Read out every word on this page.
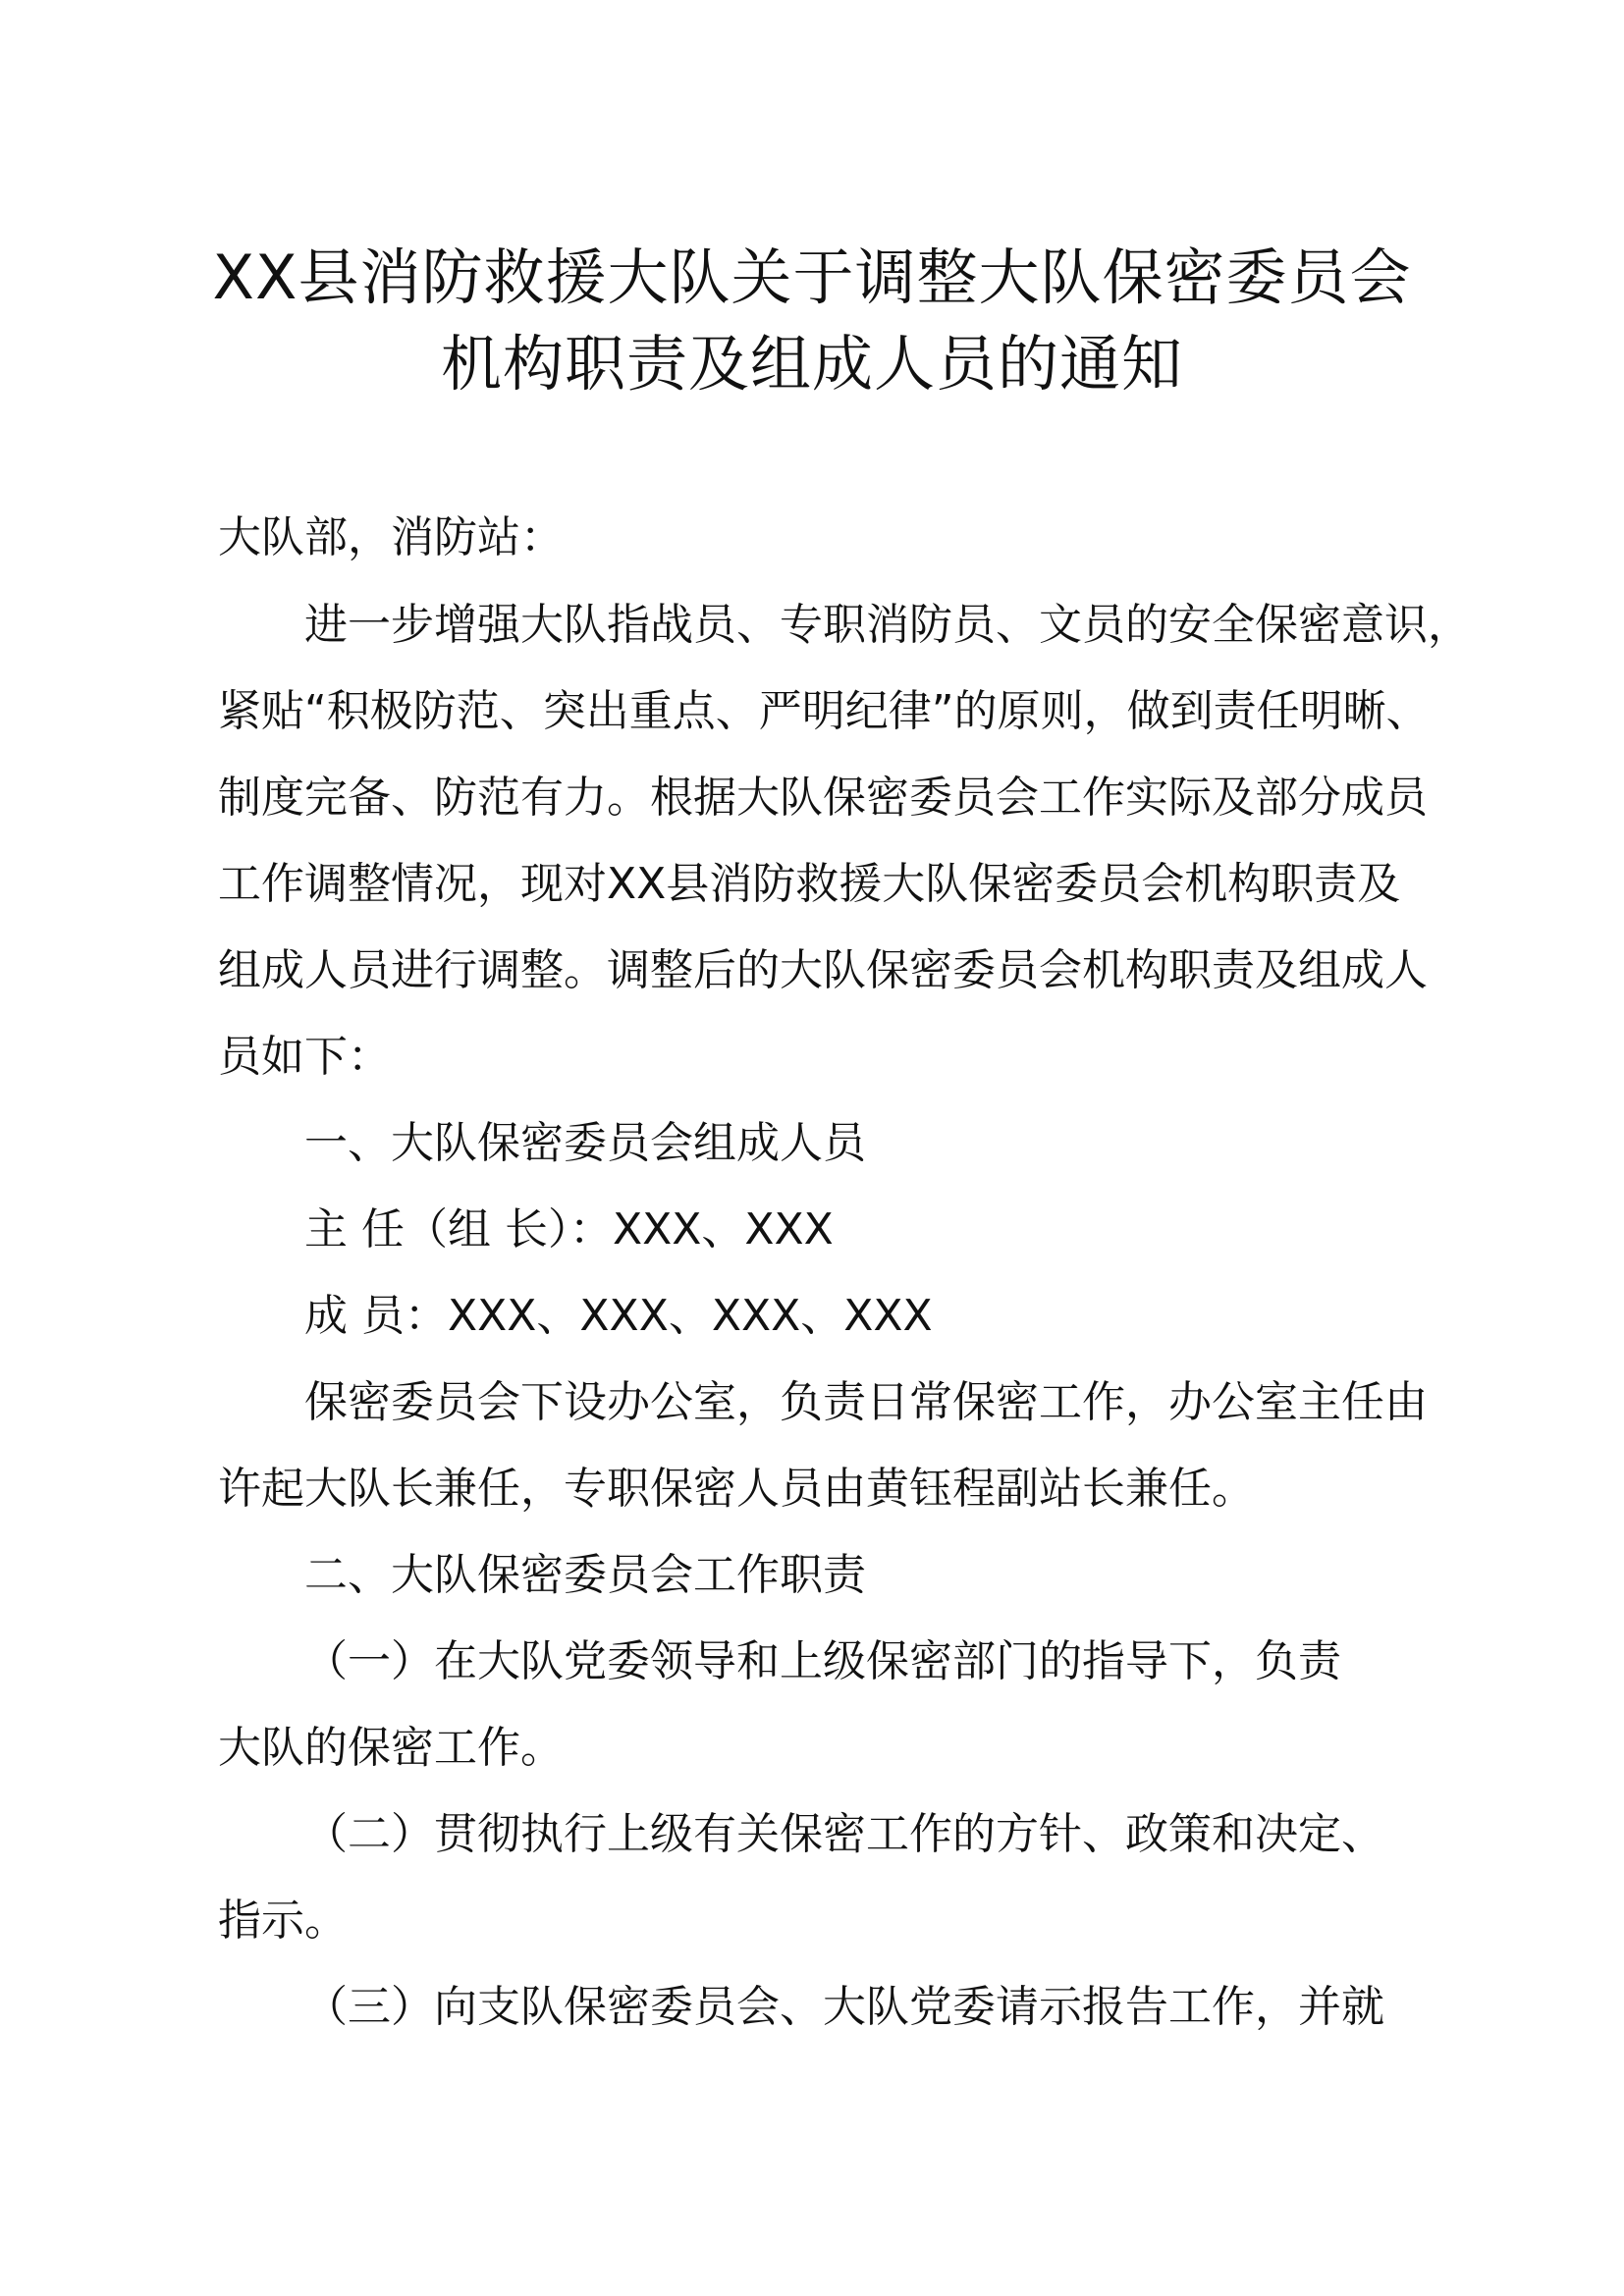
XX县消防救援大队关于调整大队保密委员会
机构职责及组成人员的通知

大队部，消防站：

进一步增强大队指战员、专职消防员、文员的安全保密意识，

紧贴“积极防范、突出重点、严明纪律”的原则，做到责任明晰、

制度完备、防范有力。根据大队保密委员会工作实际及部分成员

工作调整情况，现对XX县消防救援大队保密委员会机构职责及

组成人员进行调整。调整后的大队保密委员会机构职责及组成人

员如下：

一、大队保密委员会组成人员

主 任（组 长）：XXX、XXX

成 员：XXX、XXX、XXX、XXX

保密委员会下设办公室，负责日常保密工作，办公室主任由

许起大队长兼任，专职保密人员由黄钰程副站长兼任。

二、大队保密委员会工作职责

（一）在大队党委领导和上级保密部门的指导下，负责

大队的保密工作。

（二）贯彻执行上级有关保密工作的方针、政策和决定、

指示。

（三）向支队保密委员会、大队党委请示报告工作，并就
